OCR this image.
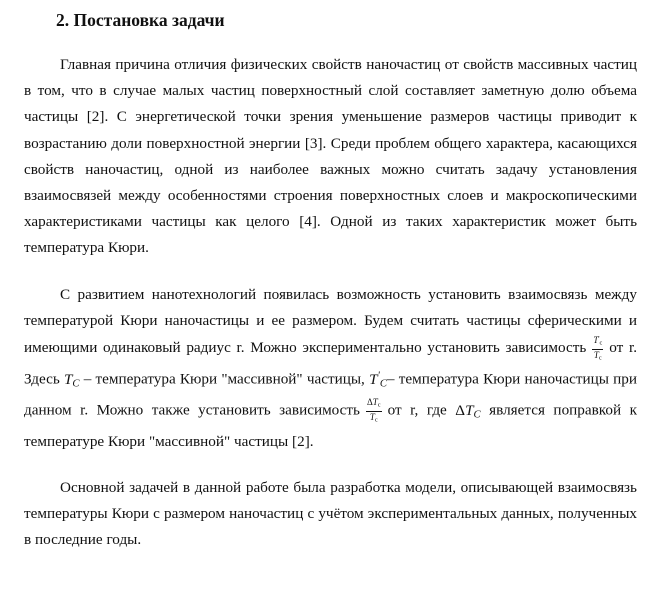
2. Постановка задачи

Главная причина отличия физических свойств наночастиц от свойств массивных частиц в том, что в случае малых частиц поверхностный слой составляет заметную долю объема частицы [2]. С энергетической точки зрения уменьшение размеров частицы приводит к возрастанию доли поверхностной энергии [3]. Среди проблем общего характера, касающихся свойств наночастиц, одной из наиболее важных можно считать задачу установления взаимосвязей между особенностями строения поверхностных слоев и макроскопическими характеристиками частицы как целого [4]. Одной из таких характеристик может быть температура Кюри.

С развитием нанотехнологий появилась возможность установить взаимосвязь между температурой Кюри наночастицы и ее размером. Будем считать частицы сферическими и имеющими одинаковый радиус r. Можно экспериментально установить зависимость $\frac{T'_c}{T_c}$ от r. Здесь $T_C$ – температура Кюри "массивной" частицы, $T'_C-$ температура Кюри наночастицы при данном r. Можно также установить зависимость $\frac{\Delta T_c}{T_c}$ от r, где $\Delta T_C$ является поправкой к температуре Кюри "массивной" частицы [2].

Основной задачей в данной работе была разработка модели, описывающей взаимосвязь температуры Кюри с размером наночастиц с учётом экспериментальных данных, полученных в последние годы.
